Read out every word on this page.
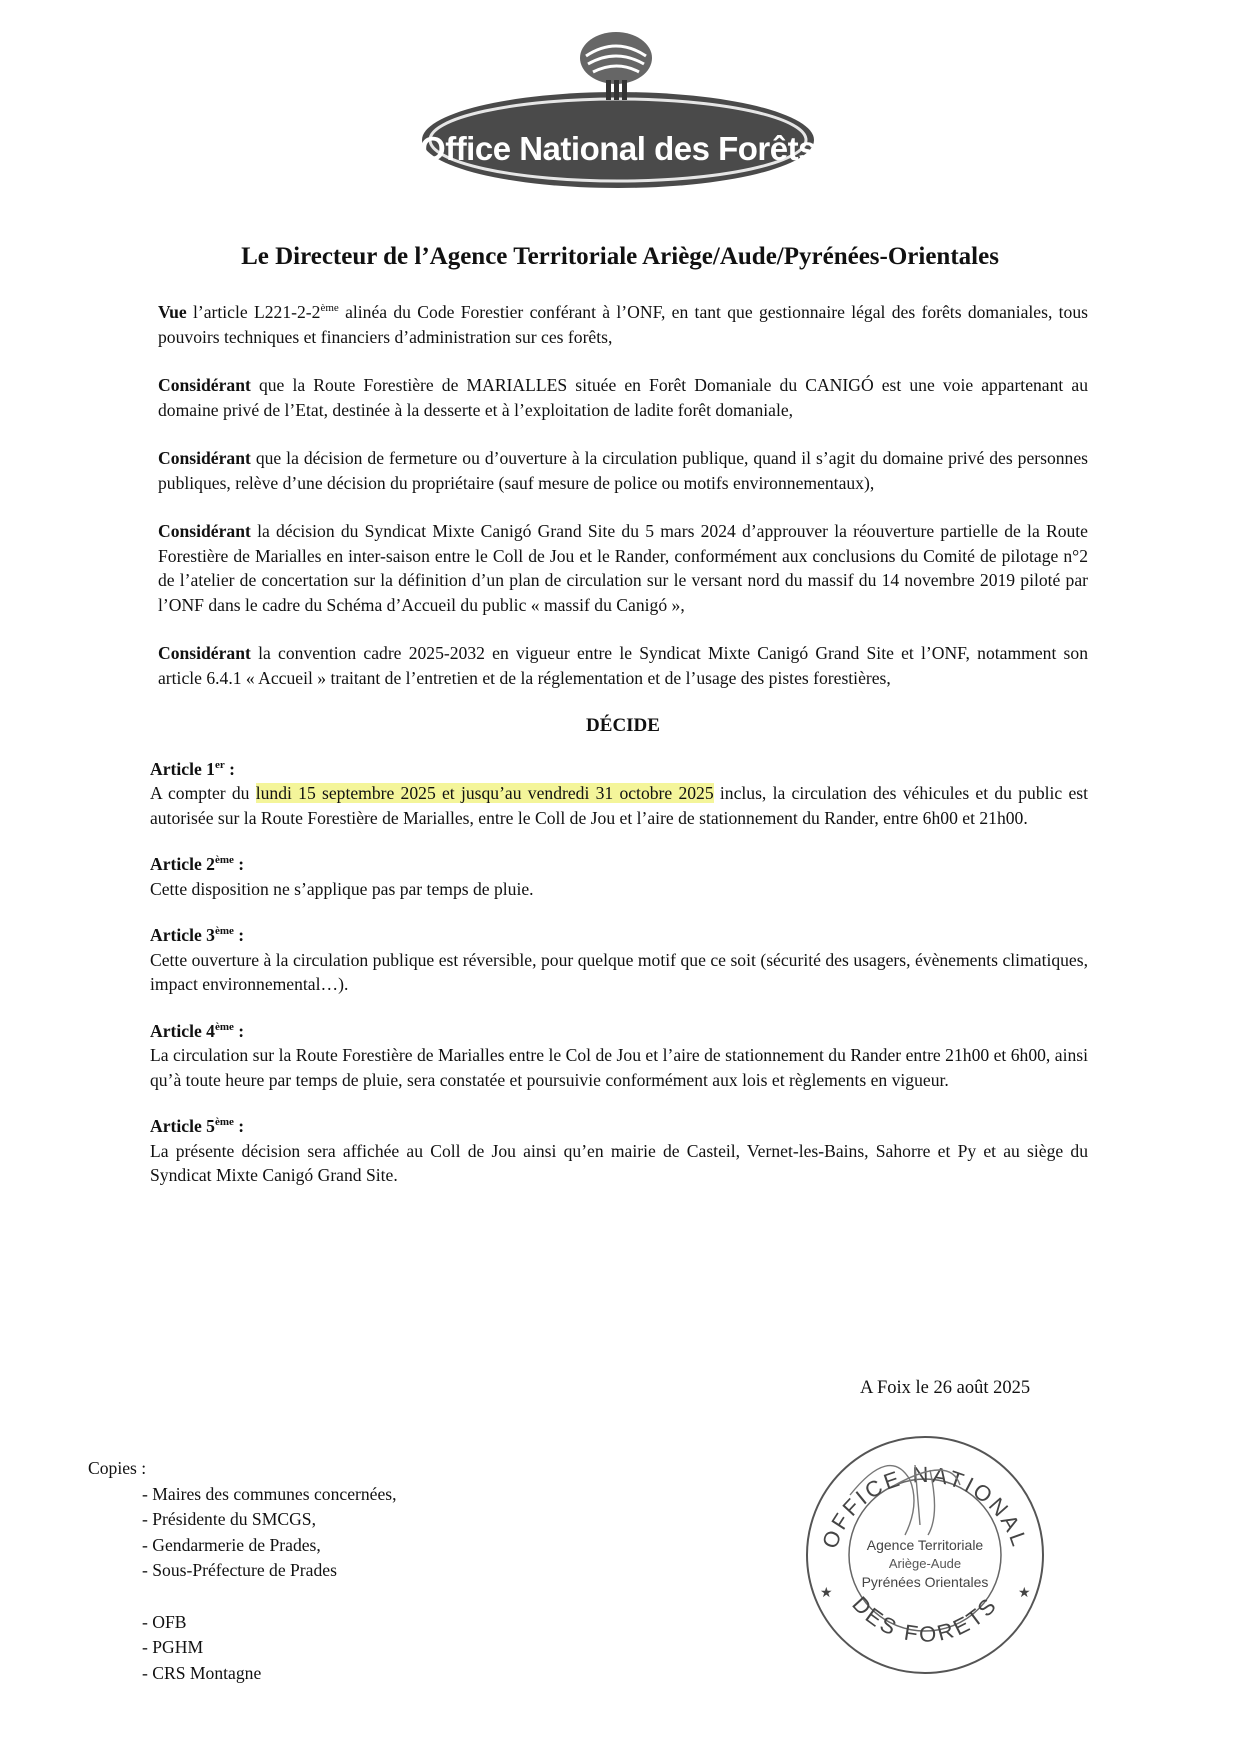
Office National des Forêts
Le Directeur de l’Agence Territoriale Ariège/Aude/Pyrénées-Orientales

Vue l’article L221-2-2ème alinéa du Code Forestier conférant à l’ONF, en tant que gestionnaire légal des forêts domaniales, tous pouvoirs techniques et financiers d’administration sur ces forêts,

Considérant que la Route Forestière de MARIALLES située en Forêt Domaniale du CANIGÓ est une voie appartenant au domaine privé de l’Etat, destinée à la desserte et à l’exploitation de ladite forêt domaniale,

Considérant que la décision de fermeture ou d’ouverture à la circulation publique, quand il s’agit du domaine privé des personnes publiques, relève d’une décision du propriétaire (sauf mesure de police ou motifs environnementaux),

Considérant la décision du Syndicat Mixte Canigó Grand Site du 5 mars 2024 d’approuver la réouverture partielle de la Route Forestière de Marialles en inter-saison entre le Coll de Jou et le Rander, conformément aux conclusions du Comité de pilotage n°2 de l’atelier de concertation sur la définition d’un plan de circulation sur le versant nord du massif du 14 novembre 2019 piloté par l’ONF dans le cadre du Schéma d’Accueil du public « massif du Canigó »,

Considérant la convention cadre 2025-2032 en vigueur entre le Syndicat Mixte Canigó Grand Site et l’ONF, notamment son article 6.4.1 « Accueil » traitant de l’entretien et de la réglementation et de l’usage des pistes forestières,

DÉCIDE
Article 1er :
A compter du lundi 15 septembre 2025 et jusqu’au vendredi 31 octobre 2025 inclus, la circulation des véhicules et du public est autorisée sur la Route Forestière de Marialles, entre le Coll de Jou et l’aire de stationnement du Rander, entre 6h00 et 21h00.
Article 2ème :
Cette disposition ne s’applique pas par temps de pluie.
Article 3ème :
Cette ouverture à la circulation publique est réversible, pour quelque motif que ce soit (sécurité des usagers, évènements climatiques, impact environnemental…).
Article 4ème :
La circulation sur la Route Forestière de Marialles entre le Col de Jou et l’aire de stationnement du Rander entre 21h00 et 6h00, ainsi qu’à toute heure par temps de pluie, sera constatée et poursuivie conformément aux lois et règlements en vigueur.
Article 5ème :
La présente décision sera affichée au Coll de Jou ainsi qu’en mairie de Casteil, Vernet-les-Bains, Sahorre et Py et au siège du Syndicat Mixte Canigó Grand Site.
A Foix le 26 août 2025
OFFICE NATIONAL
DES FORETS
Agence Territoriale
Ariège-Aude
Pyrénées Orientales
★	★
Copies :
- Maires des communes concernées,
- Présidente du SMCGS,
- Gendarmerie de Prades,
- Sous-Préfecture de Prades
- OFB
- PGHM
- CRS Montagne
